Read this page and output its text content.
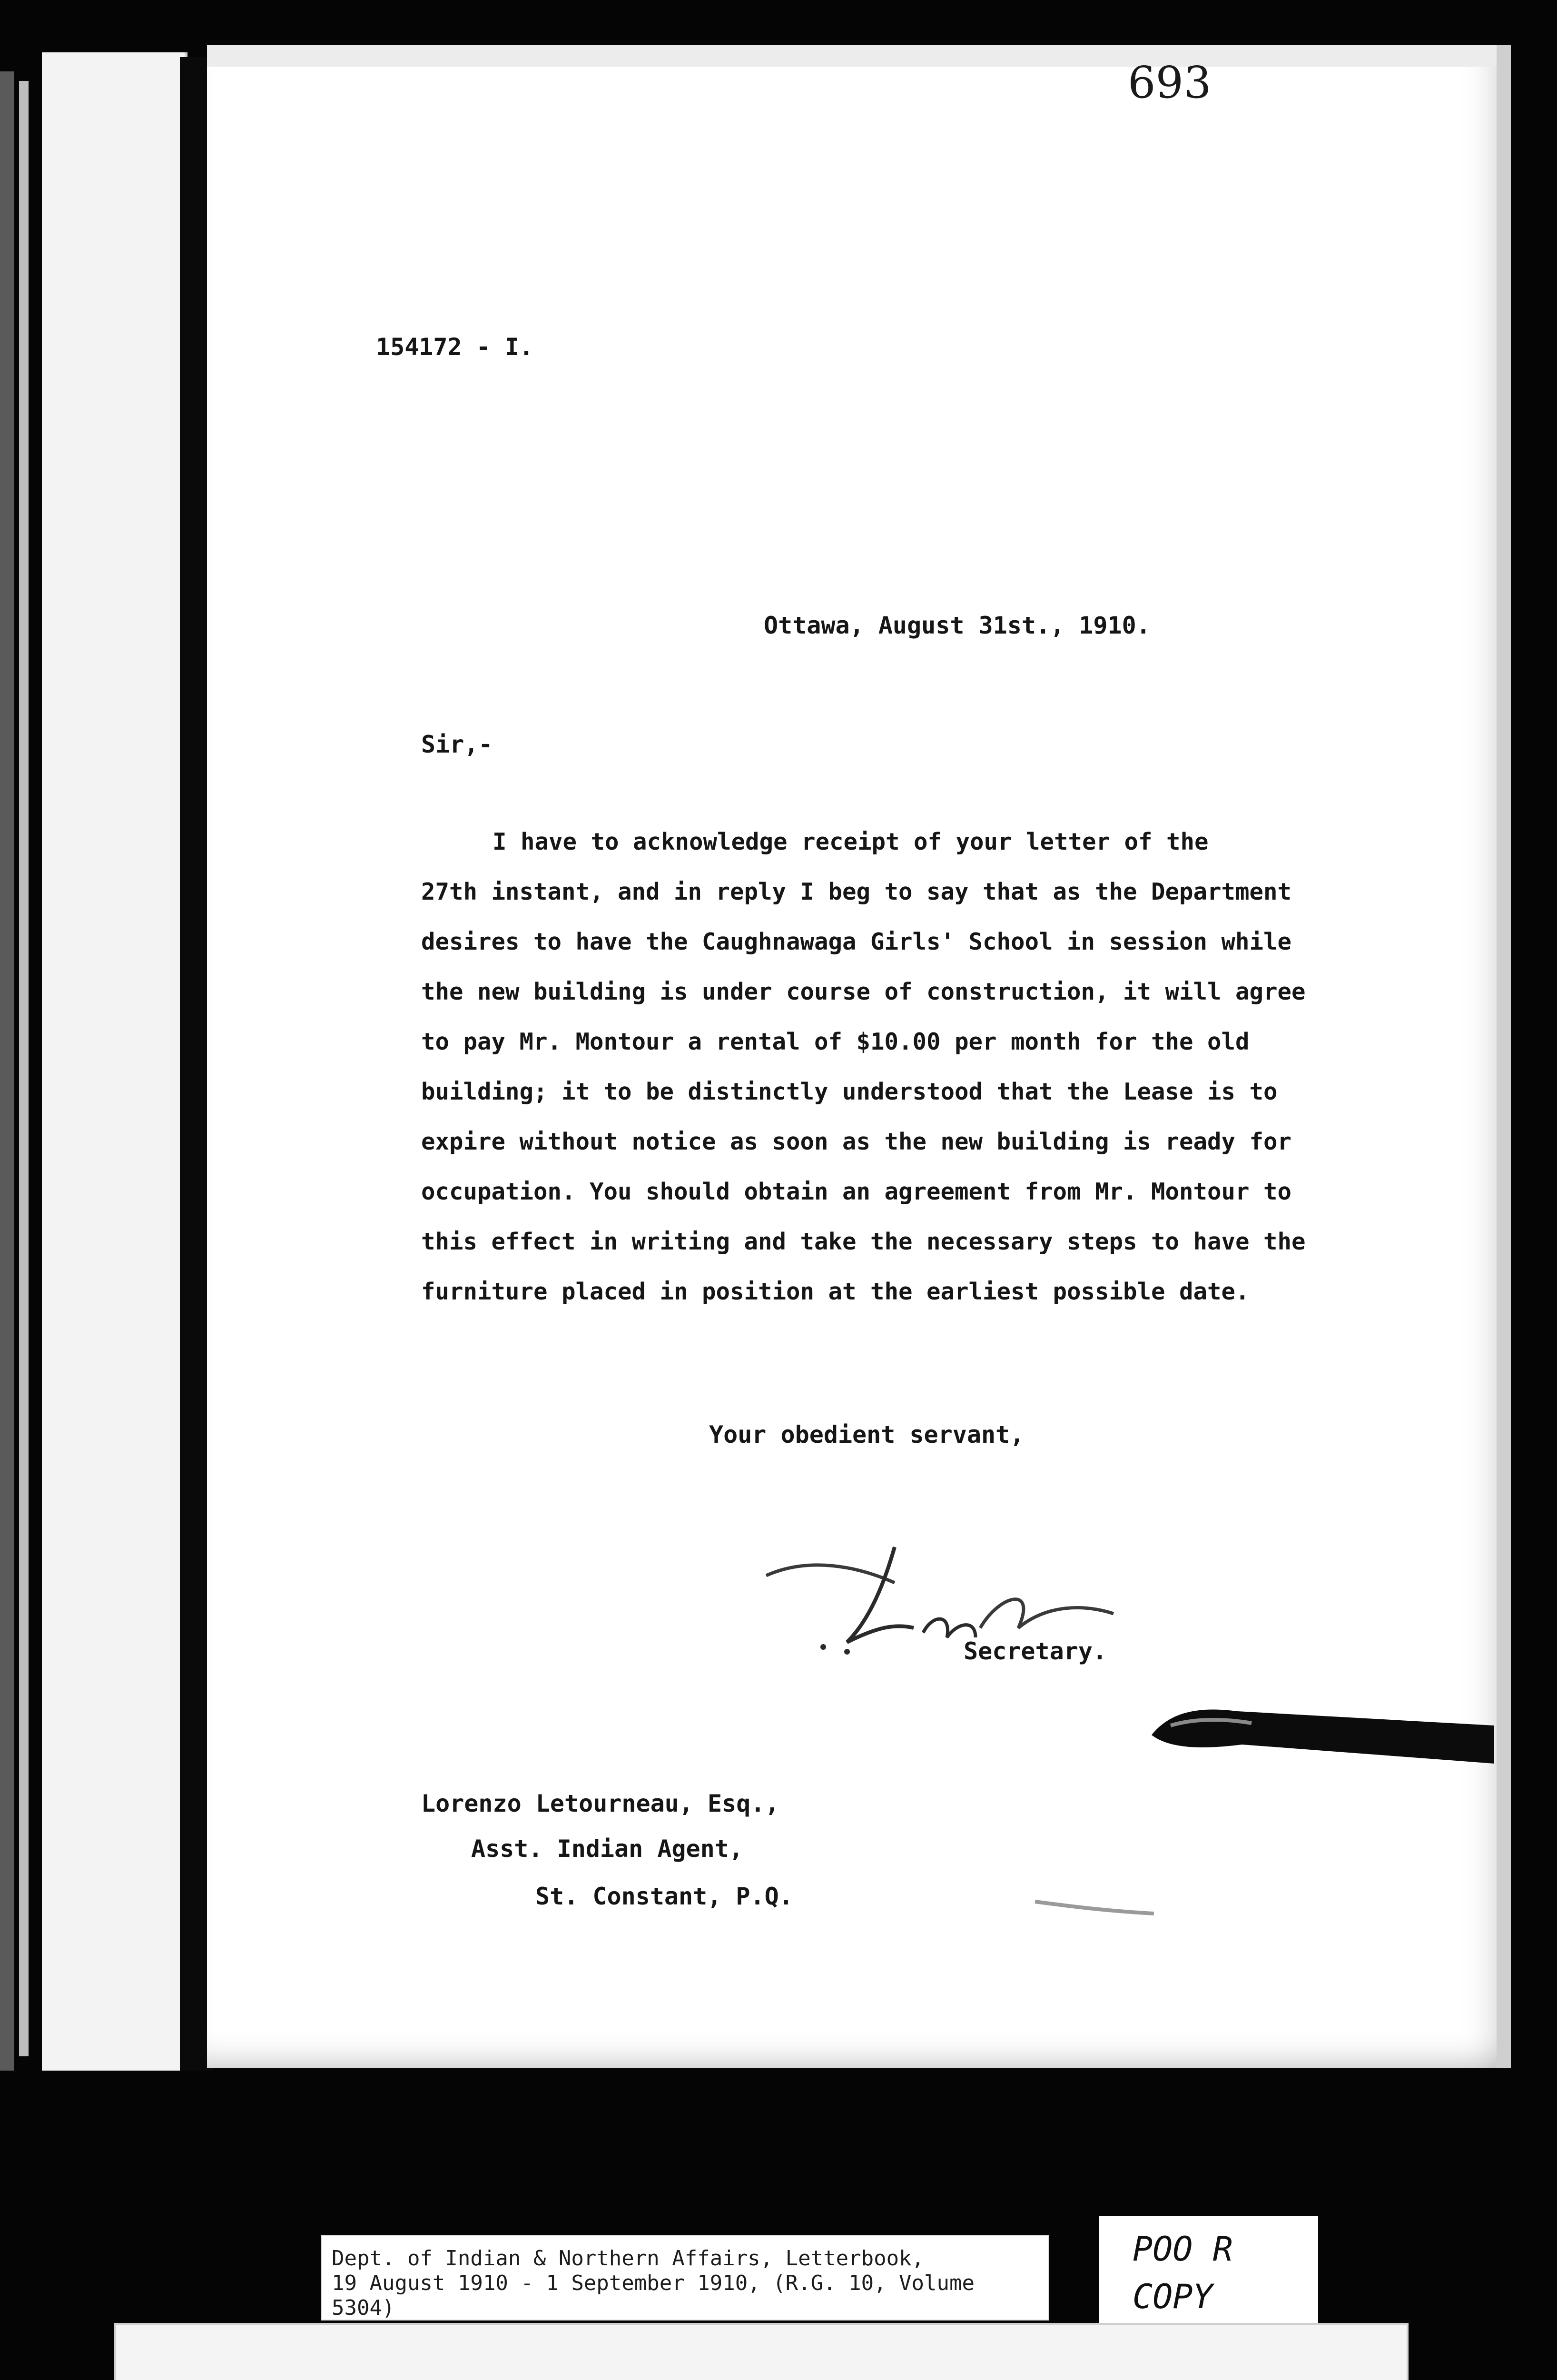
693
154172 - I.
Ottawa, August 31st., 1910.
Sir,-
I have to acknowledge receipt of your letter of the
27th instant, and in reply I beg to say that as the Department
desires to have the Caughnawaga Girls' School in session while
the new building is under course of construction, it will agree
to pay Mr. Montour a rental of $10.00 per month for the old
building; it to be distinctly understood that the Lease is to
expire without notice as soon as the new building is ready for
occupation. You should obtain an agreement from Mr. Montour to
this effect in writing and take the necessary steps to have the
furniture placed in position at the earliest possible date.
Your obedient servant,
Secretary.
Lorenzo Letourneau, Esq.,
Asst. Indian Agent,
St. Constant, P.Q.
Dept. of Indian & Northern Affairs, Letterbook,
19 August 1910 - 1 September 1910, (R.G. 10, Volume 5304)
POO R
COPY
